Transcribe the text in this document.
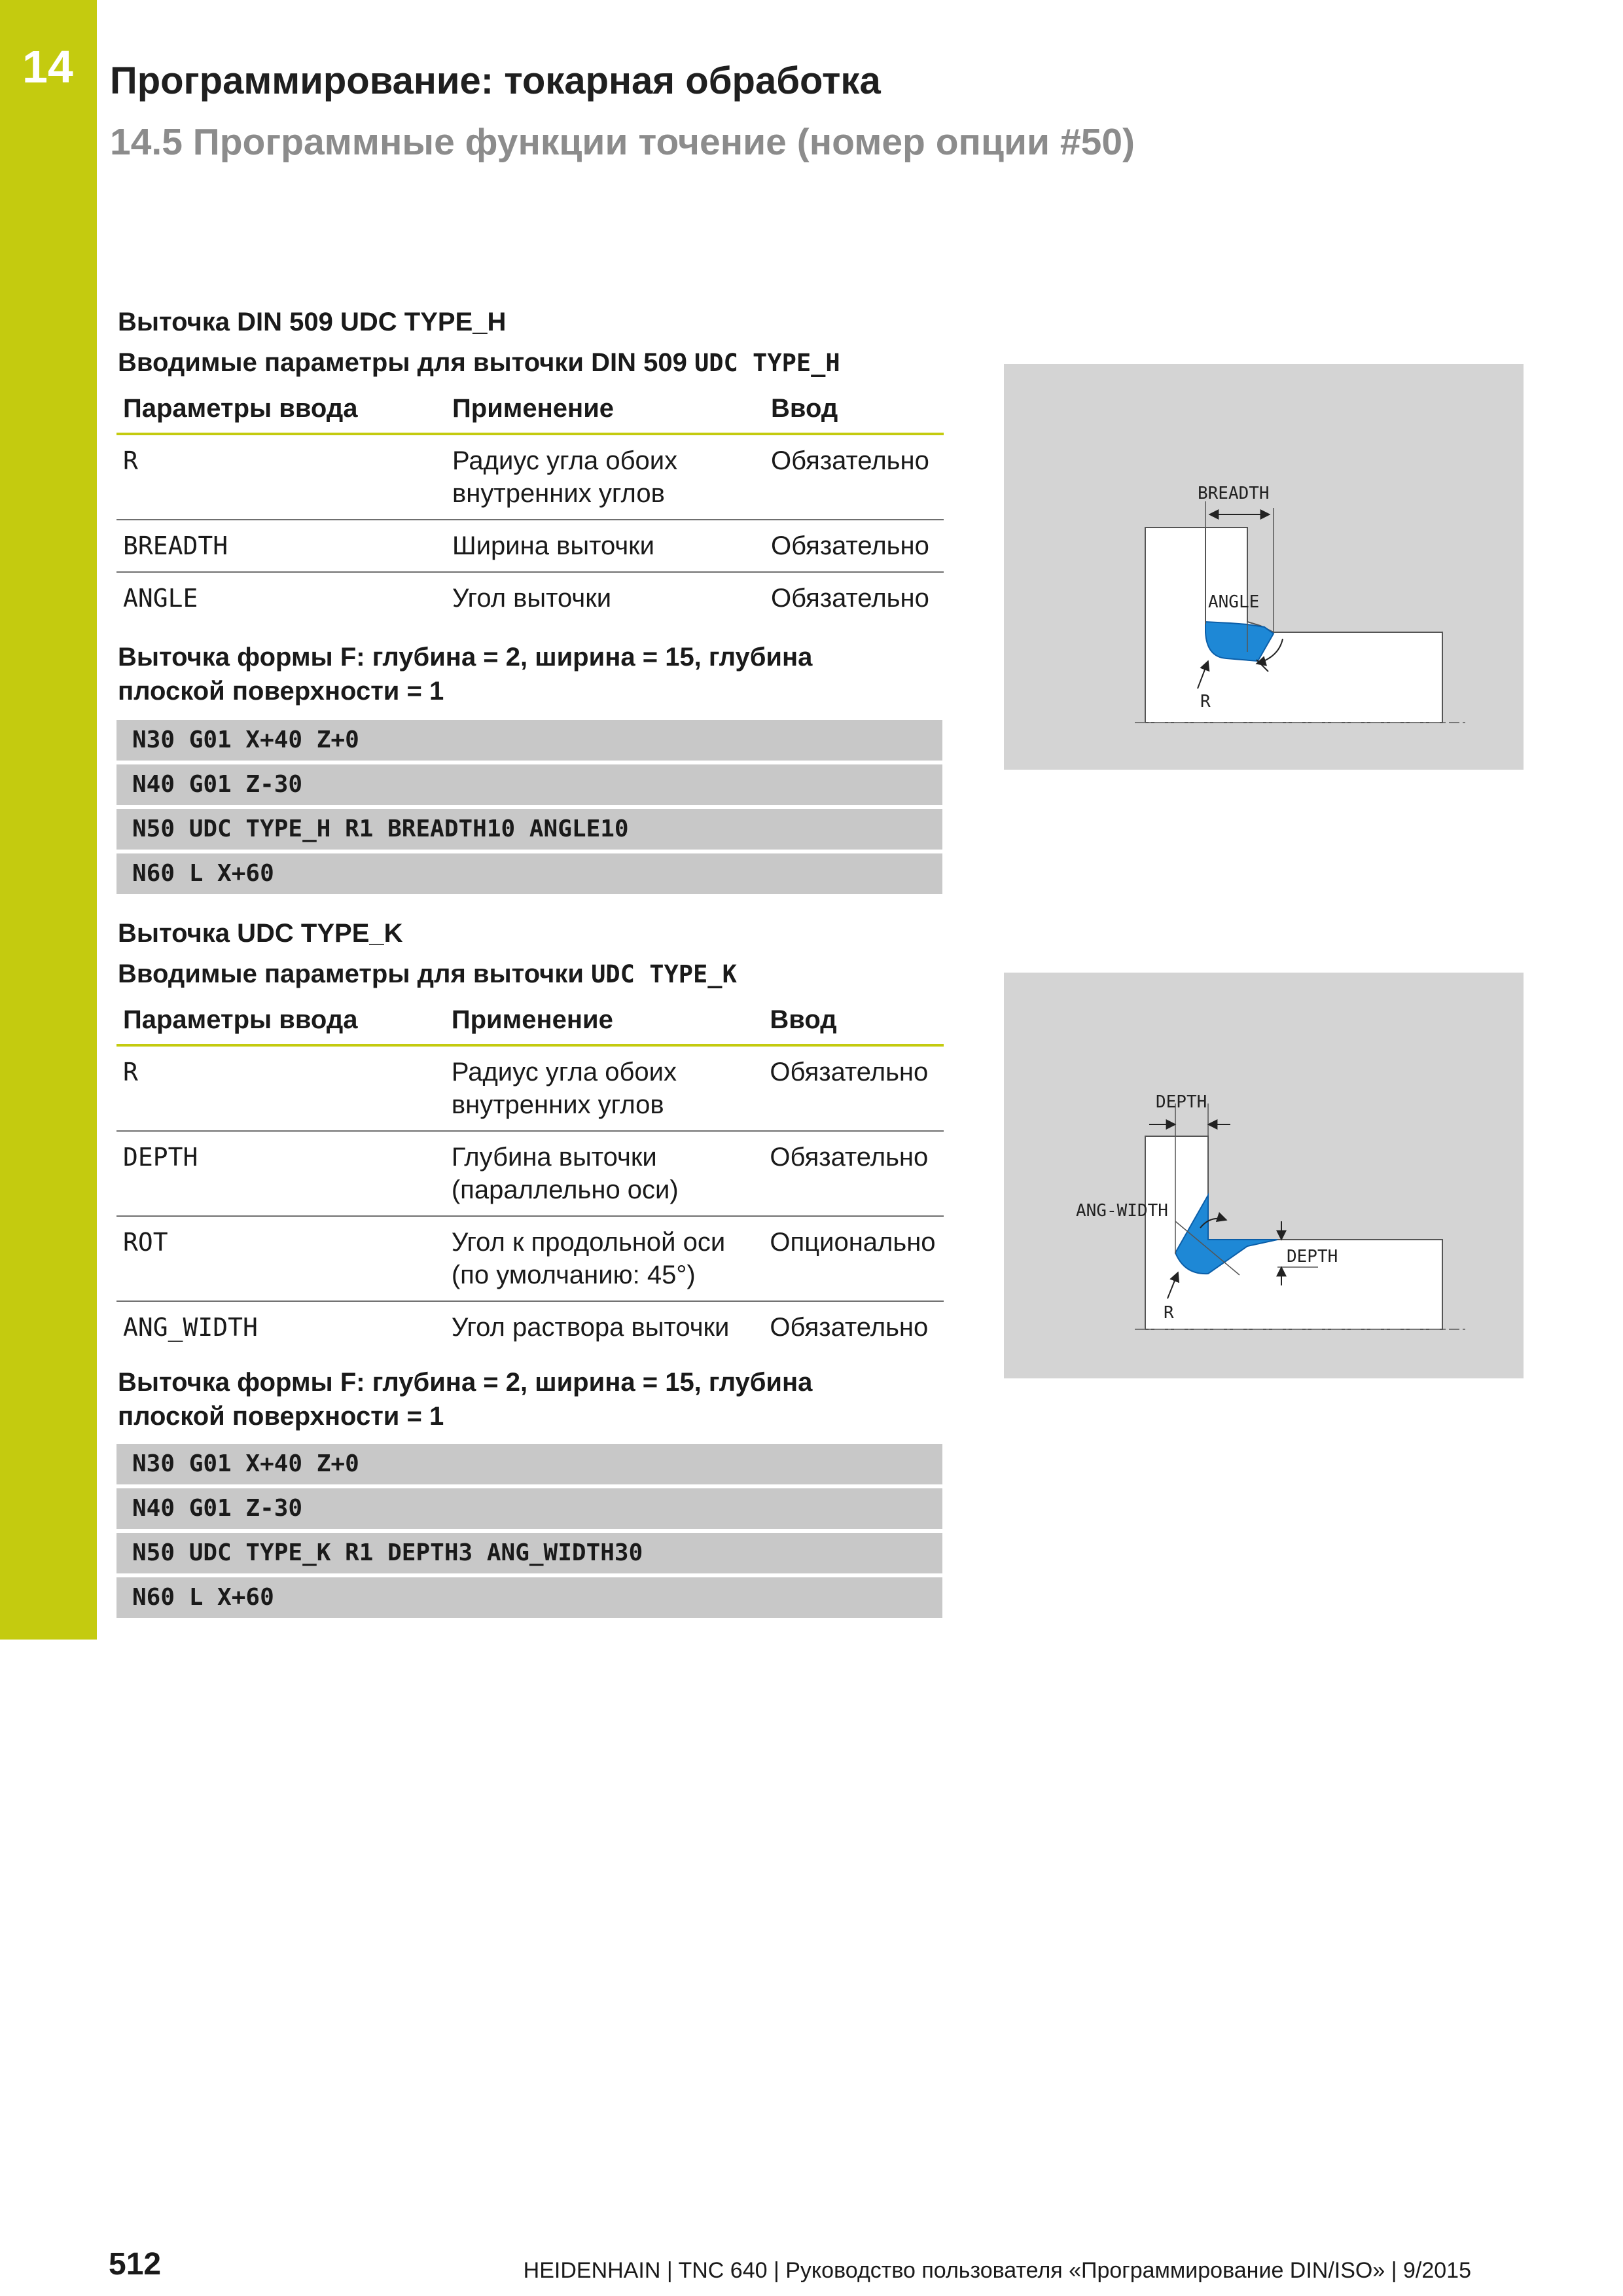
14 Программирование: токарная обработка
14.5 Программные функции точение (номер опции #50)
Выточка DIN 509 UDC TYPE_H
Вводимые параметры для выточки DIN 509 UDC TYPE_H
Параметры ввода	Применение	Ввод
R	Радиус угла обоих внутренних углов	Обязательно
BREADTH	Ширина выточки	Обязательно
ANGLE	Угол выточки	Обязательно
Выточка формы F: глубина = 2, ширина = 15, глубина
плоской поверхности = 1
N30 G01 X+40 Z+0
N40 G01 Z-30
N50 UDC TYPE_H R1 BREADTH10 ANGLE10
N60 L X+60
BREADTH
ANGLE
R
Выточка UDC TYPE_K
Вводимые параметры для выточки UDC TYPE_K
Параметры ввода	Применение	Ввод
R	Радиус угла обоих внутренних углов	Обязательно
DEPTH	Глубина выточки (параллельно оси)	Обязательно
ROT	Угол к продольной оси (по умолчанию: 45°)	Опционально
ANG_WIDTH	Угол раствора выточки	Обязательно
Выточка формы F: глубина = 2, ширина = 15, глубина
плоской поверхности = 1
N30 G01 X+40 Z+0
N40 G01 Z-30
N50 UDC TYPE_K R1 DEPTH3 ANG_WIDTH30
N60 L X+60
DEPTH
ANG-WIDTH
DEPTH
R
512	HEIDENHAIN | TNC 640 | Руководство пользователя «Программирование DIN/ISO» | 9/2015
